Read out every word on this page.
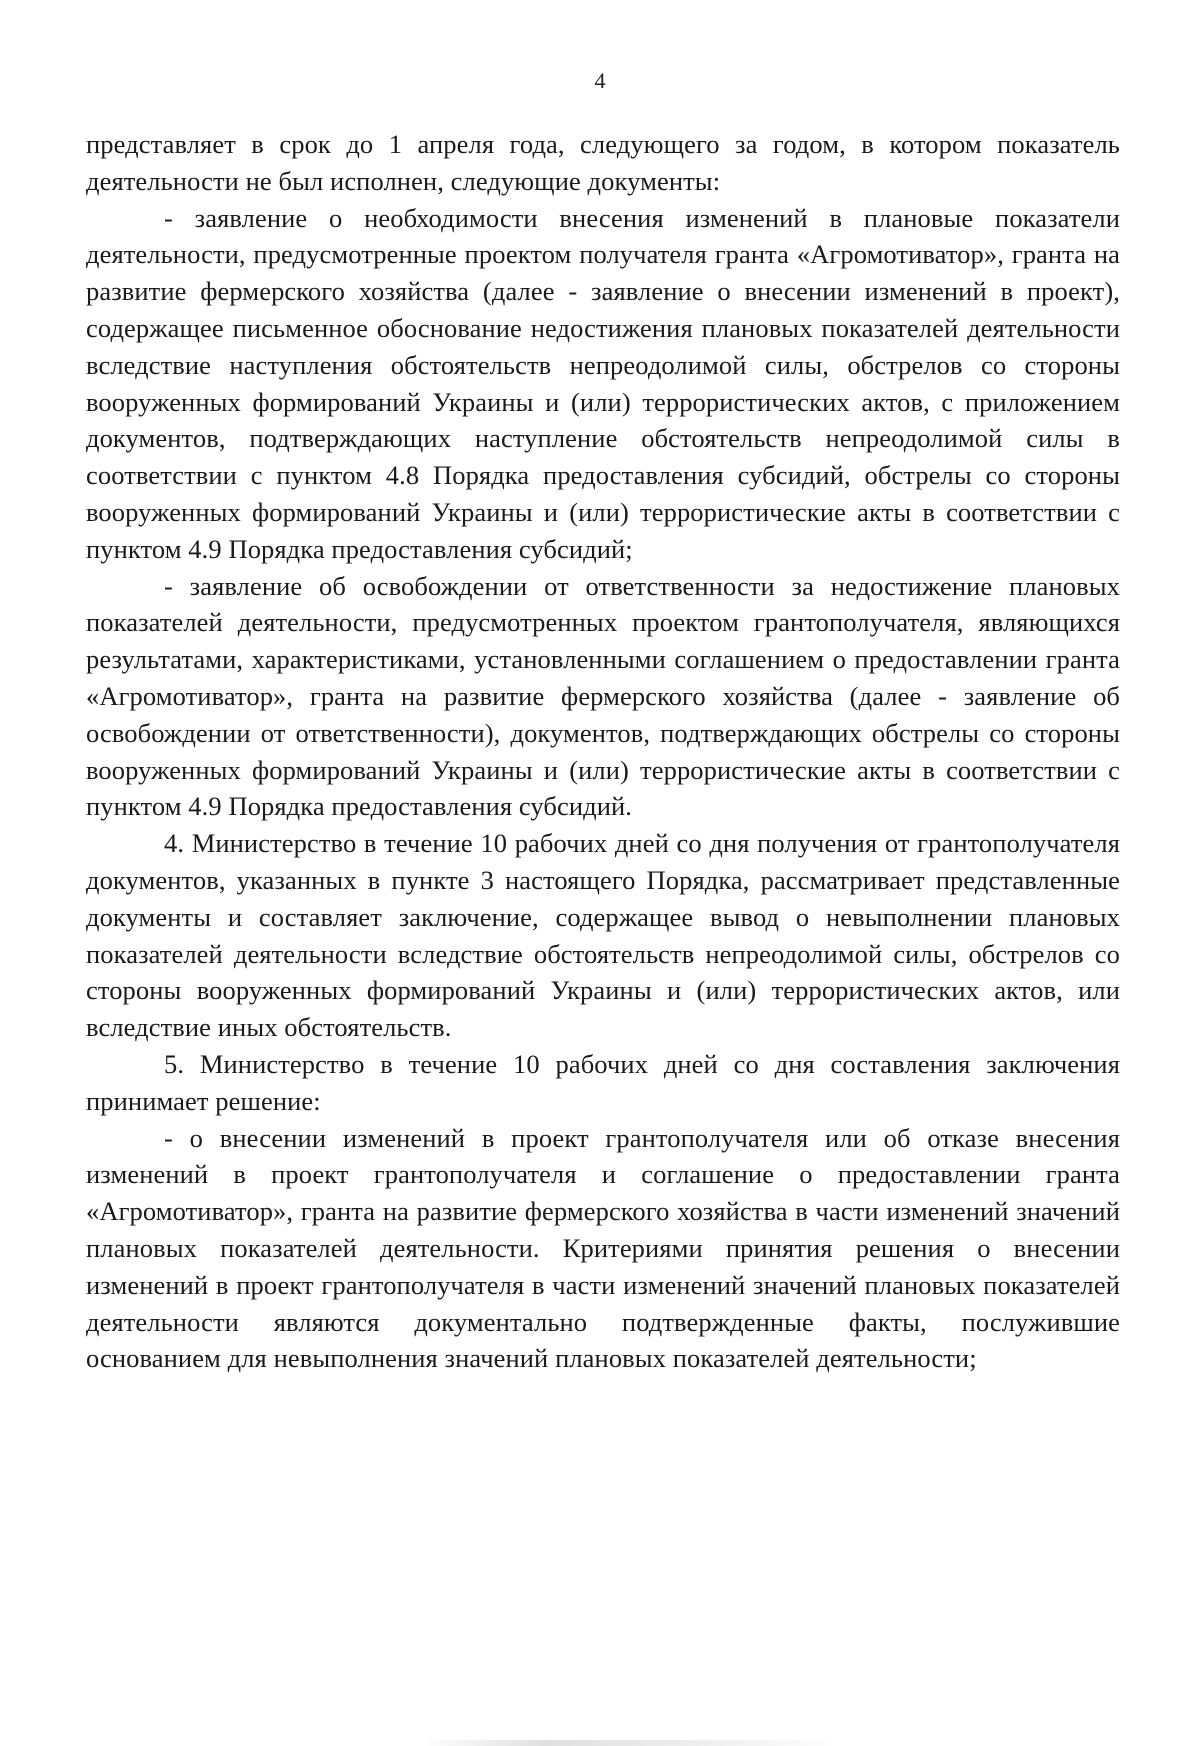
4

представляет в срок до 1 апреля года, следующего за годом, в котором показатель деятельности не был исполнен, следующие документы:

- заявление о необходимости внесения изменений в плановые показатели деятельности, предусмотренные проектом получателя гранта «Агромотиватор», гранта на развитие фермерского хозяйства (далее - заявление о внесении изменений в проект), содержащее письменное обоснование недостижения плановых показателей деятельности вследствие наступления обстоятельств непреодолимой силы, обстрелов со стороны вооруженных формирований Украины и (или) террористических актов, с приложением документов, подтверждающих наступление обстоятельств непреодолимой силы в соответствии с пунктом 4.8 Порядка предоставления субсидий, обстрелы со стороны вооруженных формирований Украины и (или) террористические акты в соответствии с пунктом 4.9 Порядка предоставления субсидий;

- заявление об освобождении от ответственности за недостижение плановых показателей деятельности, предусмотренных проектом грантополучателя, являющихся результатами, характеристиками, установленными соглашением о предоставлении гранта «Агромотиватор», гранта на развитие фермерского хозяйства (далее - заявление об освобождении от ответственности), документов, подтверждающих обстрелы со стороны вооруженных формирований Украины и (или) террористические акты в соответствии с пунктом 4.9 Порядка предоставления субсидий.

4. Министерство в течение 10 рабочих дней со дня получения от грантополучателя документов, указанных в пункте 3 настоящего Порядка, рассматривает представленные документы и составляет заключение, содержащее вывод о невыполнении плановых показателей деятельности вследствие обстоятельств непреодолимой силы, обстрелов со стороны вооруженных формирований Украины и (или) террористических актов, или вследствие иных обстоятельств.

5. Министерство в течение 10 рабочих дней со дня составления заключения принимает решение:

- о внесении изменений в проект грантополучателя или об отказе внесения изменений в проект грантополучателя и соглашение о предоставлении гранта «Агромотиватор», гранта на развитие фермерского хозяйства в части изменений значений плановых показателей деятельности. Критериями принятия решения о внесении изменений в проект грантополучателя в части изменений значений плановых показателей деятельности являются документально подтвержденные факты, послужившие основанием для невыполнения значений плановых показателей деятельности;
